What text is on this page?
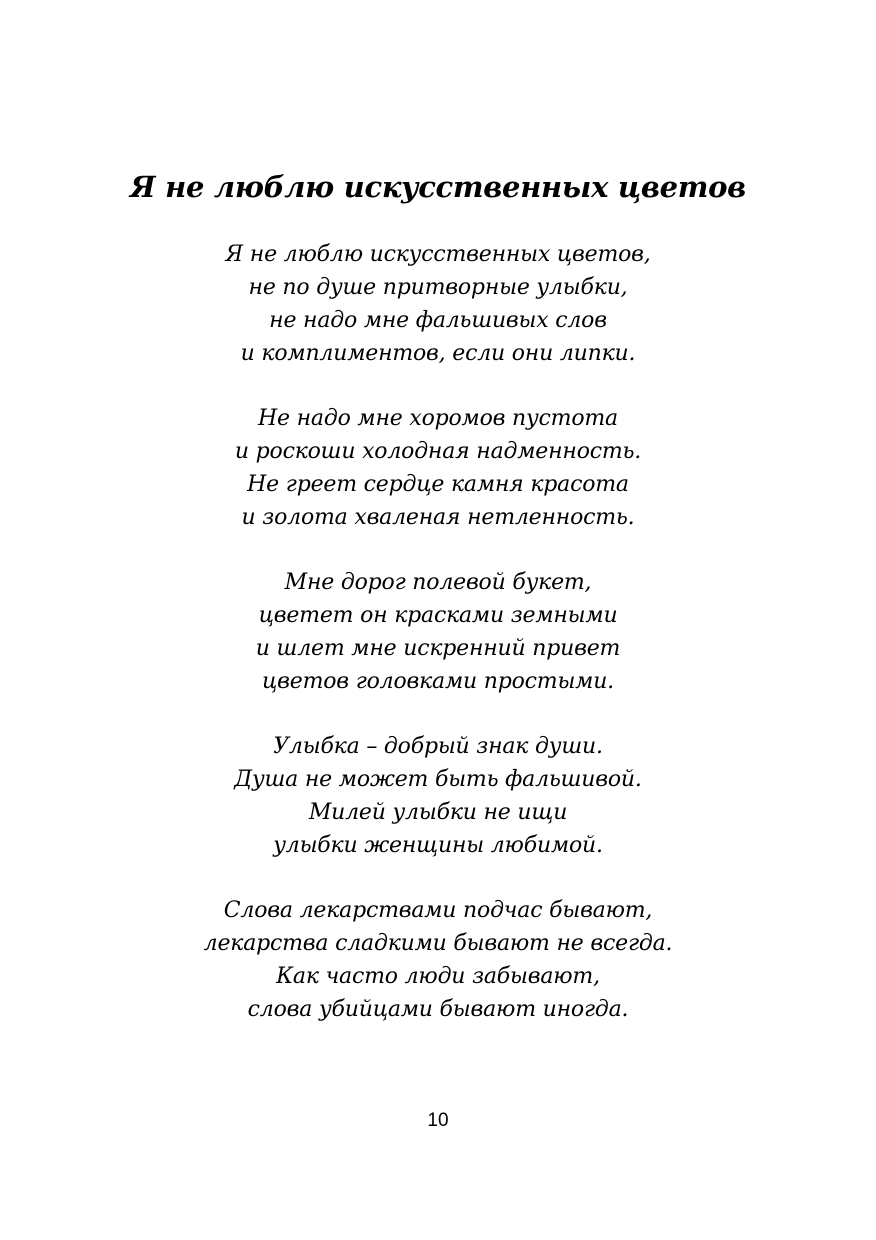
Я не люблю искусственных цветов
Я не люблю искусственных цветов,
не по душе притворные улыбки,
не надо мне фальшивых слов
и комплиментов, если они липки.
Не надо мне хоромов пустота
и роскоши холодная надменность.
Не греет сердце камня красота
и золота хваленая нетленность.
Мне дорог полевой букет,
цветет он красками земными
и шлет мне искренний привет
цветов головками простыми.
Улыбка – добрый знак души.
Душа не может быть фальшивой.
Милей улыбки не ищи
улыбки женщины любимой.
Слова лекарствами подчас бывают,
лекарства сладкими бывают не всегда.
Как часто люди забывают,
слова убийцами бывают иногда.
10
